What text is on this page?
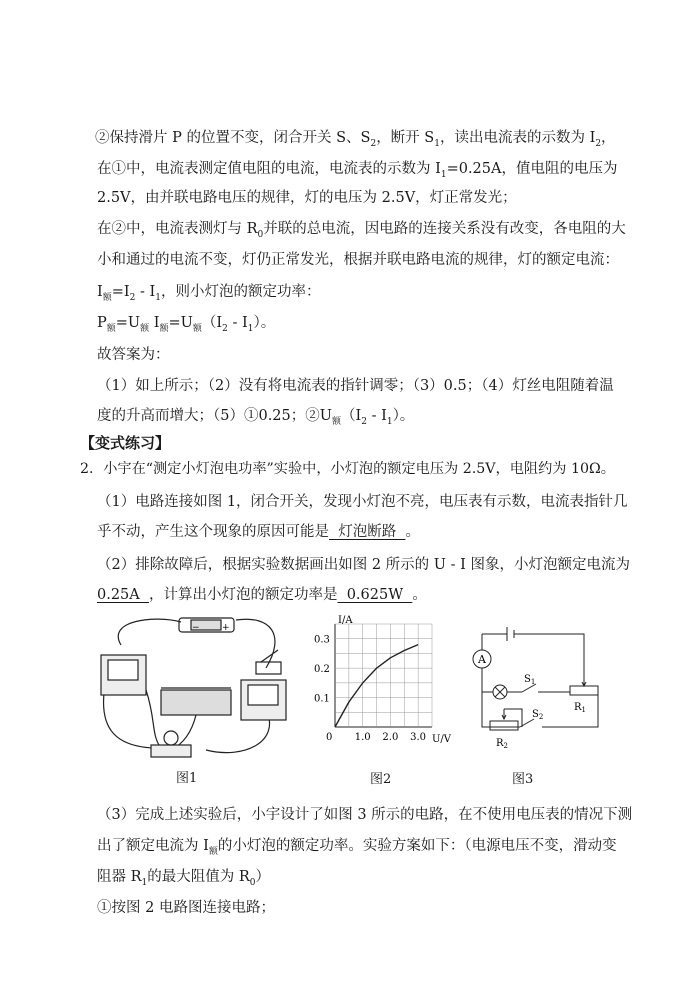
②保持滑片 P 的位置不变，闭合开关 S、$S_2$，断开 $S_1$，读出电流表的示数为 $I_2$，
在①中，电流表测定值电阻的电流，电流表的示数为 $I_1=0.25A$，值电阻的电压为
2.5V，由并联电路电压的规律，灯的电压为 2.5V，灯正常发光；
在②中，电流表测灯与 $R_0$并联的总电流，因电路的连接关系没有改变，各电阻的大
小和通过的电流不变，灯仍正常发光，根据并联电路电流的规律，灯的额定电流：
$I_额=I_2 - I_1$，则小灯泡的额定功率：
$P_额=U_额$ $I_额=U_额(I_2 - I_1)$。
故答案为：
（1）如上所示；（2）没有将电流表的指针调零；（3）0.5；（4）灯丝电阻随着温
度的升高而增大；（5）①0.25；$②U_额(I_2 - I_1)$。
【变式练习】
2．小宇在“测定小灯泡电功率”实验中，小灯泡的额定电压为 2.5V，电阻约为 10Ω。
（1）电路连接如图 1，闭合开关，发现小灯泡不亮，电压表有示数，电流表指针几
乎不动，产生这个现象的原因可能是  灯泡断路  。
（2）排除故障后，根据实验数据画出如图 2 所示的 U - I 图象，小灯泡额定电流为
0.25A  ，计算出小灯泡的额定功率是  0.625W  。
− +
图1
1.0 2.0 3.0
0.1
0.2
0.3
I/A
U/V
0
图2
A
$S_1$
$R_1$
$S_2$
$R_2$
图3
（3）完成上述实验后，小宇设计了如图 3 所示的电路，在不使用电压表的情况下测
出了额定电流为 $I_额$的小灯泡的额定功率。实验方案如下：（电源电压不变，滑动变
阻器 $R_1$的最大阻值为 $R_0$）
①按图 2 电路图连接电路；
